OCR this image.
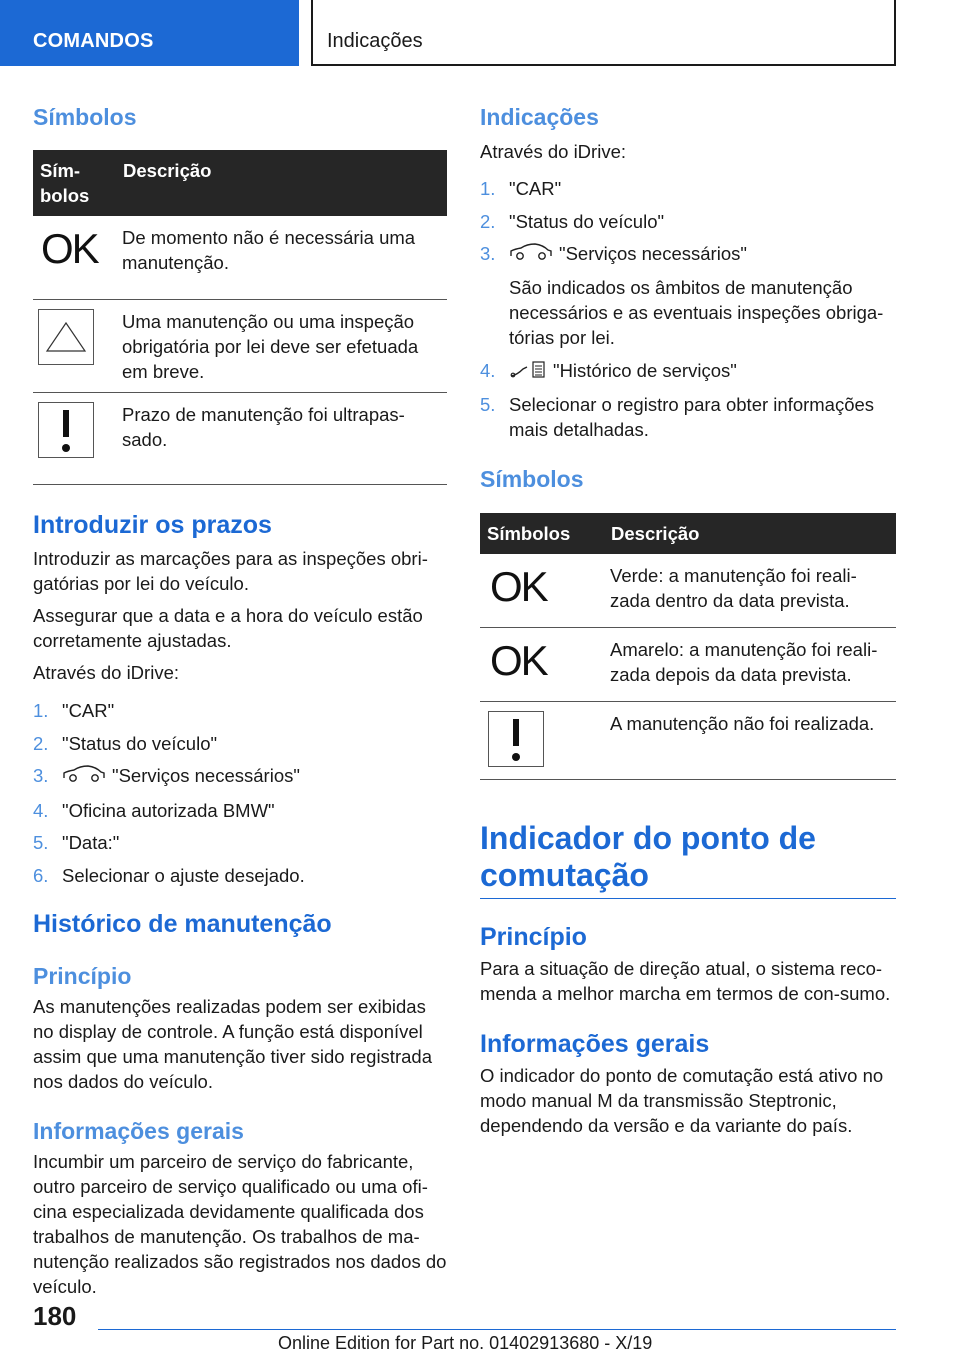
COMANDOS	Indicações
Símbolos
Sím-
bolos	Descrição

OK	De momento não é necessária uma manutenção.

	Uma manutenção ou uma inspeção obrigatória por lei deve ser efetuada em breve.

	Prazo de manutenção foi ultrapas-sado.
Introduzir os prazos

Introduzir as marcações para as inspeções obri-gatórias por lei do veículo.

Assegurar que a data e a hora do veículo estão corretamente ajustadas.

Através do iDrive:

1. "CAR"
2. "Status do veículo"
3.	"Serviços necessários"
4. "Oficina autorizada BMW"
5. "Data:"
6. Selecionar o ajuste desejado.
Histórico de manutenção
Princípio

As manutenções realizadas podem ser exibidas no display de controle. A função está disponível assim que uma manutenção tiver sido registrada nos dados do veículo.

Informações gerais

Incumbir um parceiro de serviço do fabricante, outro parceiro de serviço qualificado ou uma ofi-cina especializada devidamente qualificada dos trabalhos de manutenção. Os trabalhos de ma-nutenção realizados são registrados nos dados do veículo.

Indicações

Através do iDrive:

1. "CAR"
2. "Status do veículo"
3.	"Serviços necessários"
São indicados os âmbitos de manutenção necessários e as eventuais inspeções obriga-tórias por lei.
4.	"Histórico de serviços"
5. Selecionar o registro para obter informações mais detalhadas.
Símbolos
Símbolos	Descrição

OK	Verde: a manutenção foi reali-zada dentro da data prevista.

OK	Amarelo: a manutenção foi reali-zada depois da data prevista.

	A manutenção não foi realizada.
Indicador do ponto de comutação
Princípio

Para a situação de direção atual, o sistema reco-menda a melhor marcha em termos de con-sumo.

Informações gerais

O indicador do ponto de comutação está ativo no modo manual M da transmissão Steptronic, dependendo da versão e da variante do país.

180
Online Edition for Part no. 01402913680 - X/19
